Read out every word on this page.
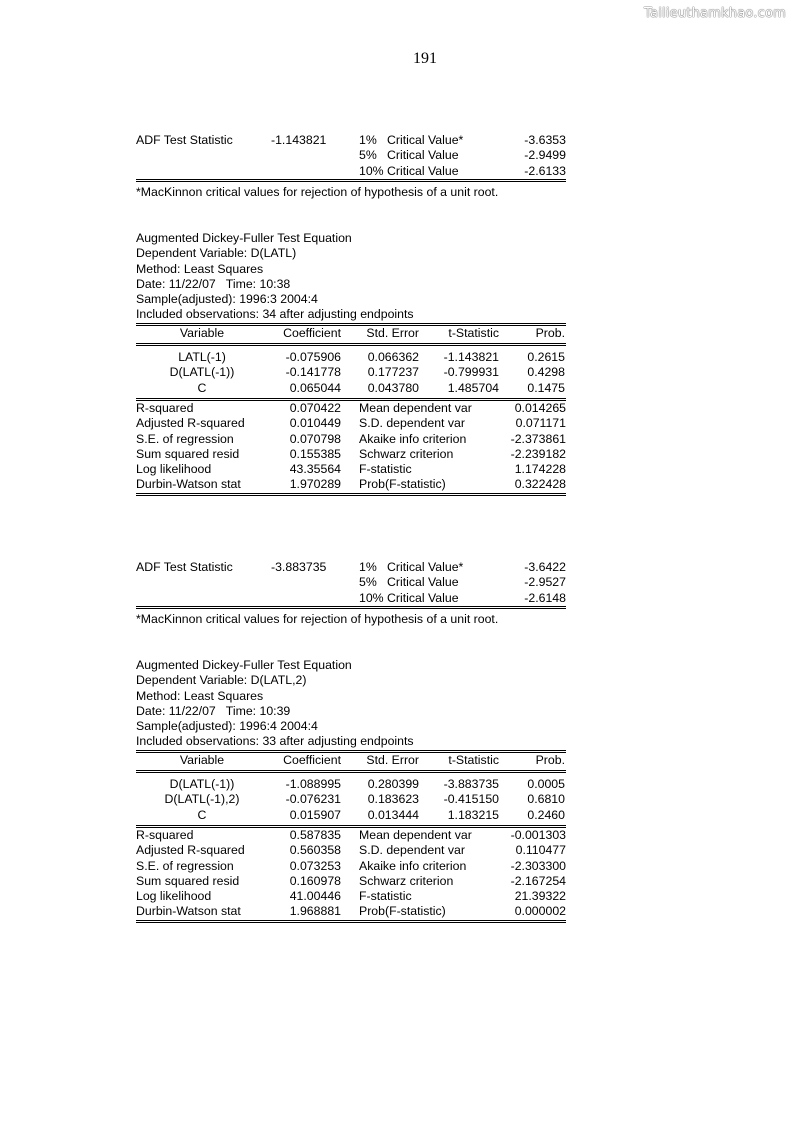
Tailieuthamkhao.com
191
ADF Test Statistic	-1.143821	1%   Critical Value*	-3.6353
5%   Critical Value	-2.9499
10% Critical Value	-2.6133
*MacKinnon critical values for rejection of hypothesis of a unit root.
Augmented Dickey-Fuller Test Equation
Dependent Variable: D(LATL)
Method: Least Squares
Date: 11/22/07   Time: 10:38
Sample(adjusted): 1996:3 2004:4
Included observations: 34 after adjusting endpoints
Variable	Coefficient	Std. Error	t-Statistic	Prob.
LATL(-1)	-0.075906	0.066362	-1.143821	0.2615
D(LATL(-1))	-0.141778	0.177237	-0.799931	0.4298
C	0.065044	0.043780	1.485704	0.1475
R-squared	0.070422	Mean dependent var	0.014265
Adjusted R-squared	0.010449	S.D. dependent var	0.071171
S.E. of regression	0.070798	Akaike info criterion	-2.373861
Sum squared resid	0.155385	Schwarz criterion	-2.239182
Log likelihood	43.35564	F-statistic	1.174228
Durbin-Watson stat	1.970289	Prob(F-statistic)	0.322428
ADF Test Statistic	-3.883735	1%   Critical Value*	-3.6422
5%   Critical Value	-2.9527
10% Critical Value	-2.6148
*MacKinnon critical values for rejection of hypothesis of a unit root.
Augmented Dickey-Fuller Test Equation
Dependent Variable: D(LATL,2)
Method: Least Squares
Date: 11/22/07   Time: 10:39
Sample(adjusted): 1996:4 2004:4
Included observations: 33 after adjusting endpoints
Variable	Coefficient	Std. Error	t-Statistic	Prob.
D(LATL(-1))	-1.088995	0.280399	-3.883735	0.0005
D(LATL(-1),2)	-0.076231	0.183623	-0.415150	0.6810
C	0.015907	0.013444	1.183215	0.2460
R-squared	0.587835	Mean dependent var	-0.001303
Adjusted R-squared	0.560358	S.D. dependent var	0.110477
S.E. of regression	0.073253	Akaike info criterion	-2.303300
Sum squared resid	0.160978	Schwarz criterion	-2.167254
Log likelihood	41.00446	F-statistic	21.39322
Durbin-Watson stat	1.968881	Prob(F-statistic)	0.000002
